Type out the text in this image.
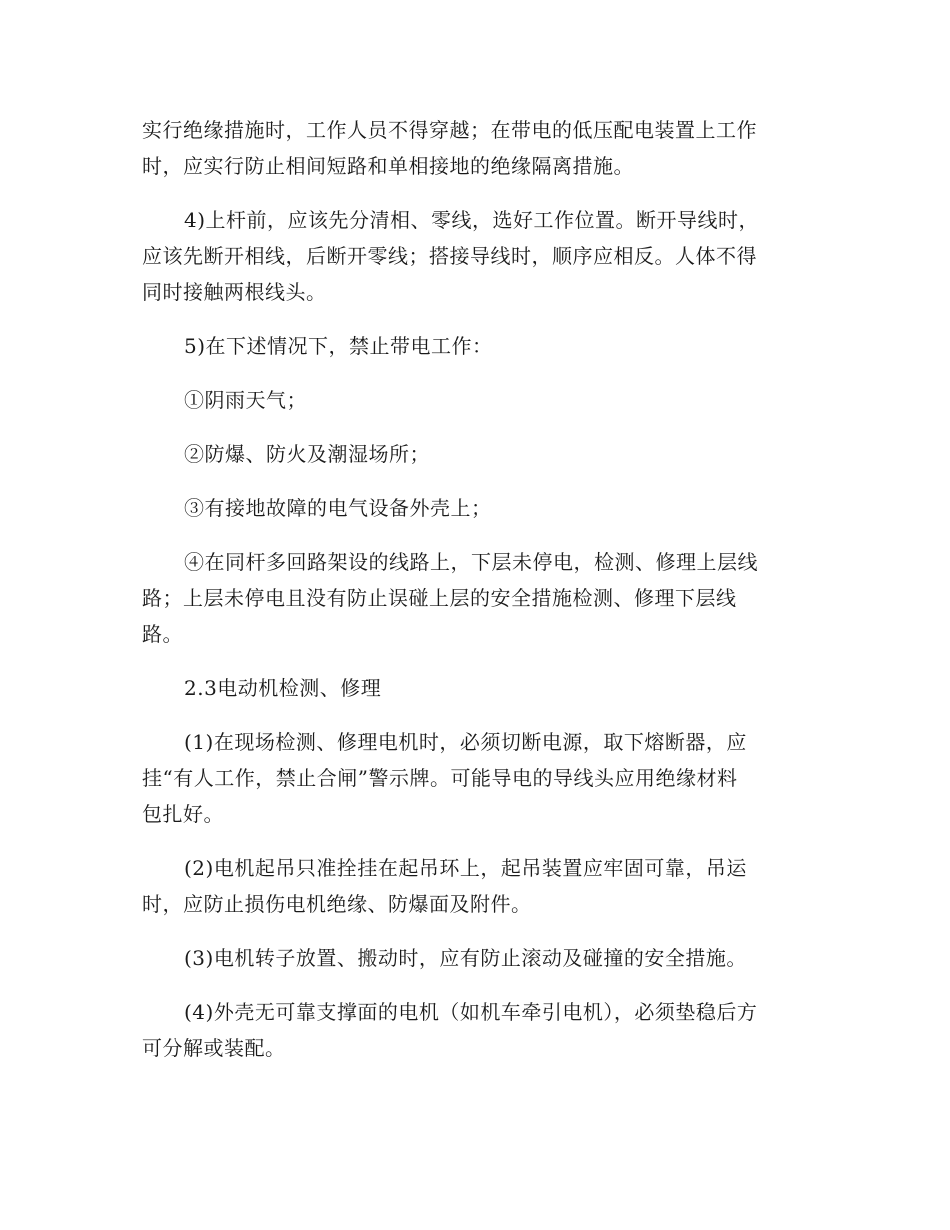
实行绝缘措施时，工作人员不得穿越；在带电的低压配电装置上工作
时，应实行防止相间短路和单相接地的绝缘隔离措施。

4)上杆前，应该先分清相、零线，选好工作位置。断开导线时，
应该先断开相线，后断开零线；搭接导线时，顺序应相反。人体不得
同时接触两根线头。

5)在下述情况下，禁止带电工作：

①阴雨天气；

②防爆、防火及潮湿场所；

③有接地故障的电气设备外壳上；

④在同杆多回路架设的线路上，下层未停电，检测、修理上层线
路；上层未停电且没有防止误碰上层的安全措施检测、修理下层线
路。

2.3电动机检测、修理

(1)在现场检测、修理电机时，必须切断电源，取下熔断器，应
挂“有人工作，禁止合闸”警示牌。可能导电的导线头应用绝缘材料
包扎好。

(2)电机起吊只准拴挂在起吊环上，起吊装置应牢固可靠，吊运
时，应防止损伤电机绝缘、防爆面及附件。

(3)电机转子放置、搬动时，应有防止滚动及碰撞的安全措施。

(4)外壳无可靠支撑面的电机（如机车牵引电机），必须垫稳后方
可分解或装配。
